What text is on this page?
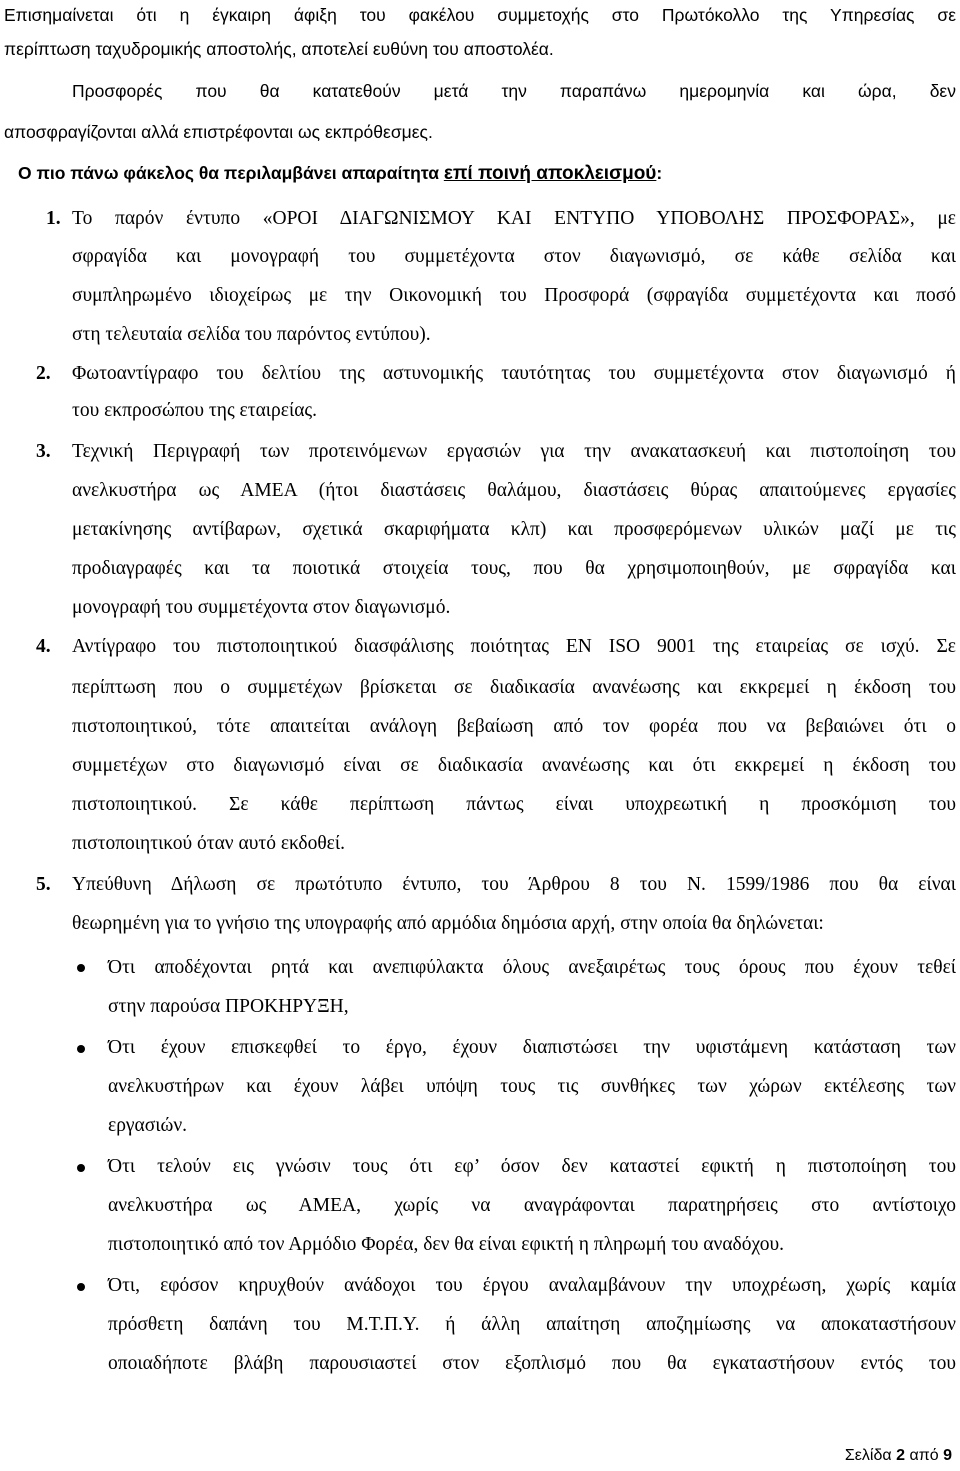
Επισημαίνεται ότι η έγκαιρη άφιξη του φακέλου συμμετοχής στο Πρωτόκολλο της Υπηρεσίας σε
περίπτωση ταχυδρομικής αποστολής, αποτελεί ευθύνη του αποστολέα.
Προσφορές που θα κατατεθούν μετά την παραπάνω ημερομηνία και ώρα, δεν
αποσφραγίζονται αλλά επιστρέφονται ως εκπρόθεσμες.
Ο πιο πάνω φάκελος θα περιλαμβάνει απαραίτητα επί ποινή αποκλεισμού:
1. Το παρόν έντυπο «ΟΡΟΙ ΔΙΑΓΩΝΙΣΜΟΥ ΚΑΙ ΕΝΤΥΠΟ ΥΠΟΒΟΛΗΣ ΠΡΟΣΦΟΡΑΣ», με
σφραγίδα και μονογραφή του συμμετέχοντα στον διαγωνισμό, σε κάθε σελίδα και
συμπληρωμένο ιδιοχείρως με την Οικονομική του Προσφορά (σφραγίδα συμμετέχοντα και ποσό
στη τελευταία σελίδα του παρόντος εντύπου).
2. Φωτοαντίγραφο του δελτίου της αστυνομικής ταυτότητας του συμμετέχοντα στον διαγωνισμό ή
του εκπροσώπου της εταιρείας.
3. Τεχνική Περιγραφή των προτεινόμενων εργασιών για την ανακατασκευή και πιστοποίηση του
ανελκυστήρα ως ΑΜΕΑ (ήτοι διαστάσεις θαλάμου, διαστάσεις θύρας απαιτούμενες εργασίες
μετακίνησης αντίβαρων, σχετικά σκαριφήματα κλπ) και προσφερόμενων υλικών μαζί με τις
προδιαγραφές και τα ποιοτικά στοιχεία τους, που θα χρησιμοποιηθούν, με σφραγίδα και
μονογραφή του συμμετέχοντα στον διαγωνισμό.
4. Αντίγραφο του πιστοποιητικού διασφάλισης ποιότητας ΕΝ ISO 9001 της εταιρείας σε ισχύ. Σε
περίπτωση που ο συμμετέχων βρίσκεται σε διαδικασία ανανέωσης και εκκρεμεί η έκδοση του
πιστοποιητικού, τότε απαιτείται ανάλογη βεβαίωση από τον φορέα που να βεβαιώνει ότι ο
συμμετέχων στο διαγωνισμό είναι σε διαδικασία ανανέωσης και ότι εκκρεμεί η έκδοση του
πιστοποιητικού. Σε κάθε περίπτωση πάντως είναι υποχρεωτική η προσκόμιση του
πιστοποιητικού όταν αυτό εκδοθεί.
5. Υπεύθυνη Δήλωση σε πρωτότυπο έντυπο, του Άρθρου 8 του Ν. 1599/1986 που θα είναι
θεωρημένη για το γνήσιο της υπογραφής από αρμόδια δημόσια αρχή, στην οποία θα δηλώνεται:
Ότι αποδέχονται ρητά και ανεπιφύλακτα όλους ανεξαιρέτως τους όρους που έχουν τεθεί
στην παρούσα ΠΡΟΚΗΡΥΞΗ,
Ότι έχουν επισκεφθεί το έργο, έχουν διαπιστώσει την υφιστάμενη κατάσταση των
ανελκυστήρων και έχουν λάβει υπόψη τους τις συνθήκες των χώρων εκτέλεσης των
εργασιών.
Ότι τελούν εις γνώσιν τους ότι εφ’ όσον δεν καταστεί εφικτή η πιστοποίηση του
ανελκυστήρα ως ΑΜΕΑ, χωρίς να αναγράφονται παρατηρήσεις στο αντίστοιχο
πιστοποιητικό από τον Αρμόδιο Φορέα, δεν θα είναι εφικτή η πληρωμή του αναδόχου.
Ότι, εφόσον κηρυχθούν ανάδοχοι του έργου αναλαμβάνουν την υποχρέωση, χωρίς καμία
πρόσθετη δαπάνη του Μ.Τ.Π.Υ. ή άλλη απαίτηση αποζημίωσης να αποκαταστήσουν
οποιαδήποτε βλάβη παρουσιαστεί στον εξοπλισμό που θα εγκαταστήσουν εντός του
Σελίδα 2 από 9
